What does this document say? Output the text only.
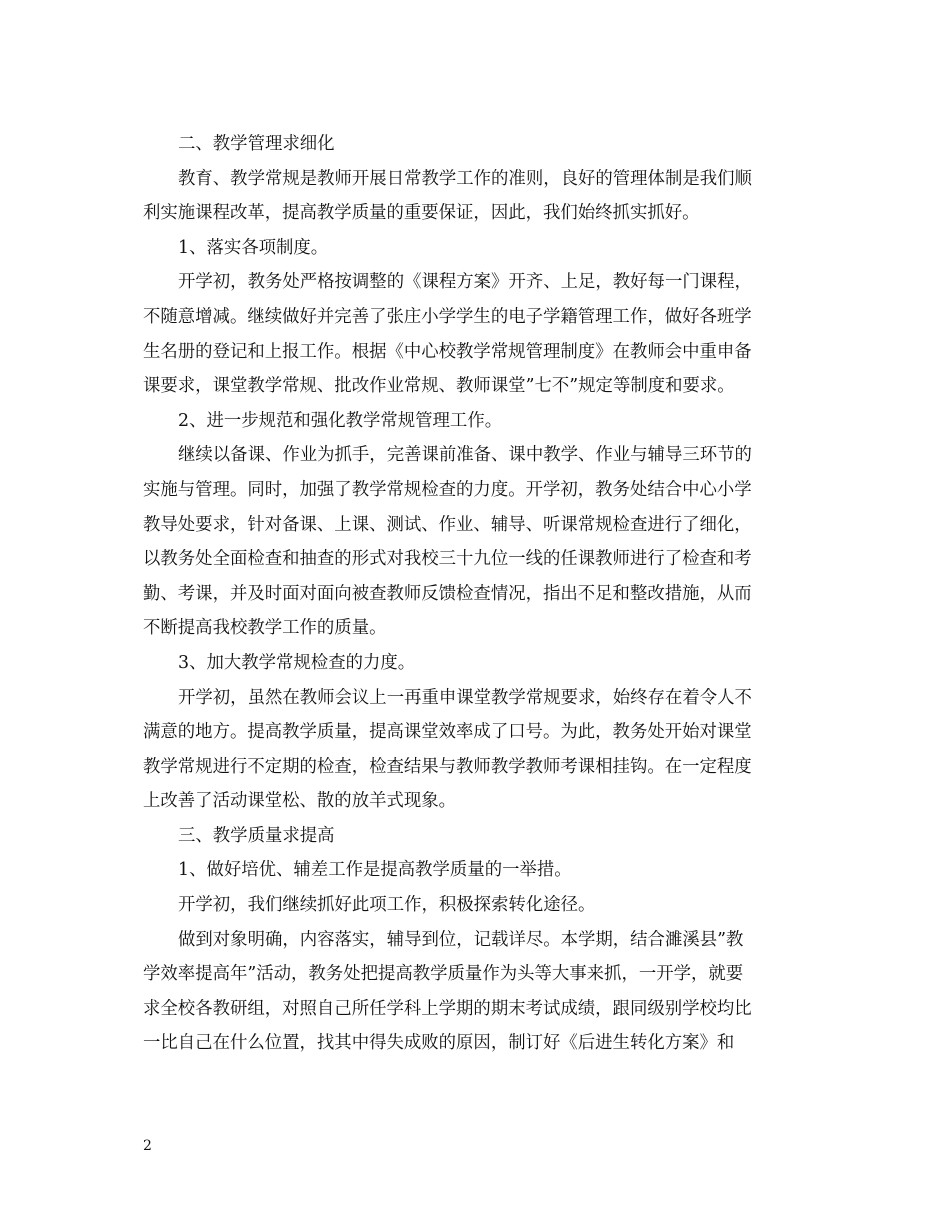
二、教学管理求细化
教育、教学常规是教师开展日常教学工作的准则，良好的管理体制是我们顺
利实施课程改革，提高教学质量的重要保证，因此，我们始终抓实抓好。
1、落实各项制度。
开学初，教务处严格按调整的《课程方案》开齐、上足，教好每一门课程，
不随意增减。继续做好并完善了张庄小学学生的电子学籍管理工作，做好各班学
生名册的登记和上报工作。根据《中心校教学常规管理制度》在教师会中重申备
课要求，课堂教学常规、批改作业常规、教师课堂”七不”规定等制度和要求。
2、进一步规范和强化教学常规管理工作。
继续以备课、作业为抓手，完善课前准备、课中教学、作业与辅导三环节的
实施与管理。同时，加强了教学常规检查的力度。开学初，教务处结合中心小学
教导处要求，针对备课、上课、测试、作业、辅导、听课常规检查进行了细化，
以教务处全面检查和抽查的形式对我校三十九位一线的任课教师进行了检查和考
勤、考课，并及时面对面向被查教师反馈检查情况，指出不足和整改措施，从而
不断提高我校教学工作的质量。
3、加大教学常规检查的力度。
开学初，虽然在教师会议上一再重申课堂教学常规要求，始终存在着令人不
满意的地方。提高教学质量，提高课堂效率成了口号。为此，教务处开始对课堂
教学常规进行不定期的检查，检查结果与教师教学教师考课相挂钩。在一定程度
上改善了活动课堂松、散的放羊式现象。
三、教学质量求提高
1、做好培优、辅差工作是提高教学质量的一举措。
开学初，我们继续抓好此项工作，积极探索转化途径。
做到对象明确，内容落实，辅导到位，记载详尽。本学期，结合濉溪县”教
学效率提高年”活动，教务处把提高教学质量作为头等大事来抓，一开学，就要
求全校各教研组，对照自己所任学科上学期的期末考试成绩，跟同级别学校均比
一比自己在什么位置，找其中得失成败的原因，制订好《后进生转化方案》和
2
